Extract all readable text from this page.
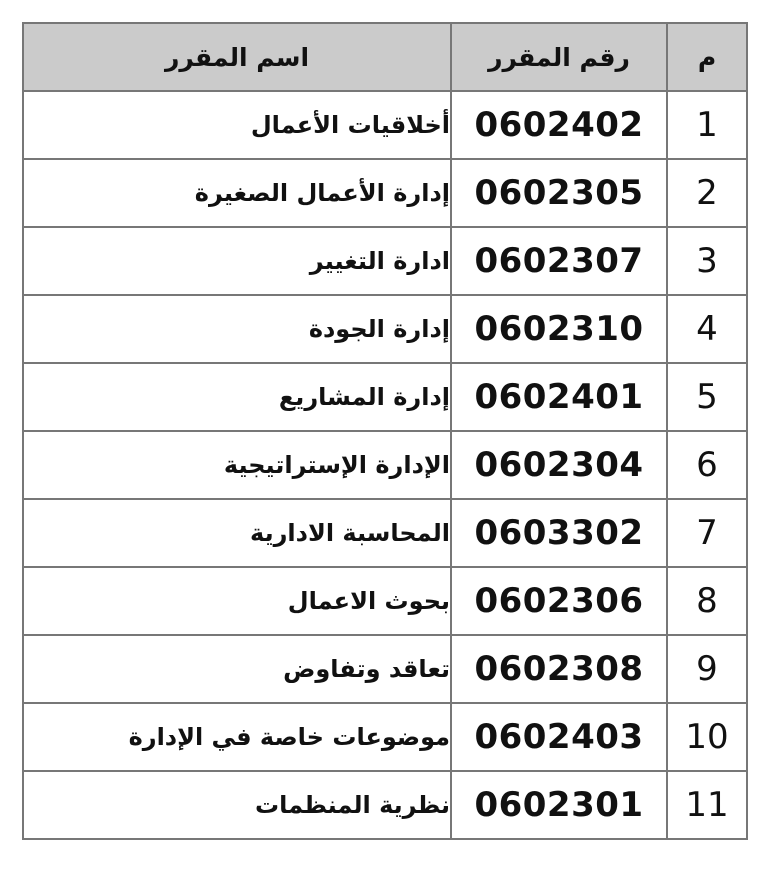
م	رقم المقرر	اسم المقرر
1	0602402	أخلاقيات الأعمال
2	0602305	إدارة الأعمال الصغيرة
3	0602307	ادارة التغيير
4	0602310	إدارة الجودة
5	0602401	إدارة المشاريع
6	0602304	الإدارة الإستراتيجية
7	0603302	المحاسبة الادارية
8	0602306	بحوث الاعمال
9	0602308	تعاقد وتفاوض
10	0602403	موضوعات خاصة في الإدارة
11	0602301	نظرية المنظمات
